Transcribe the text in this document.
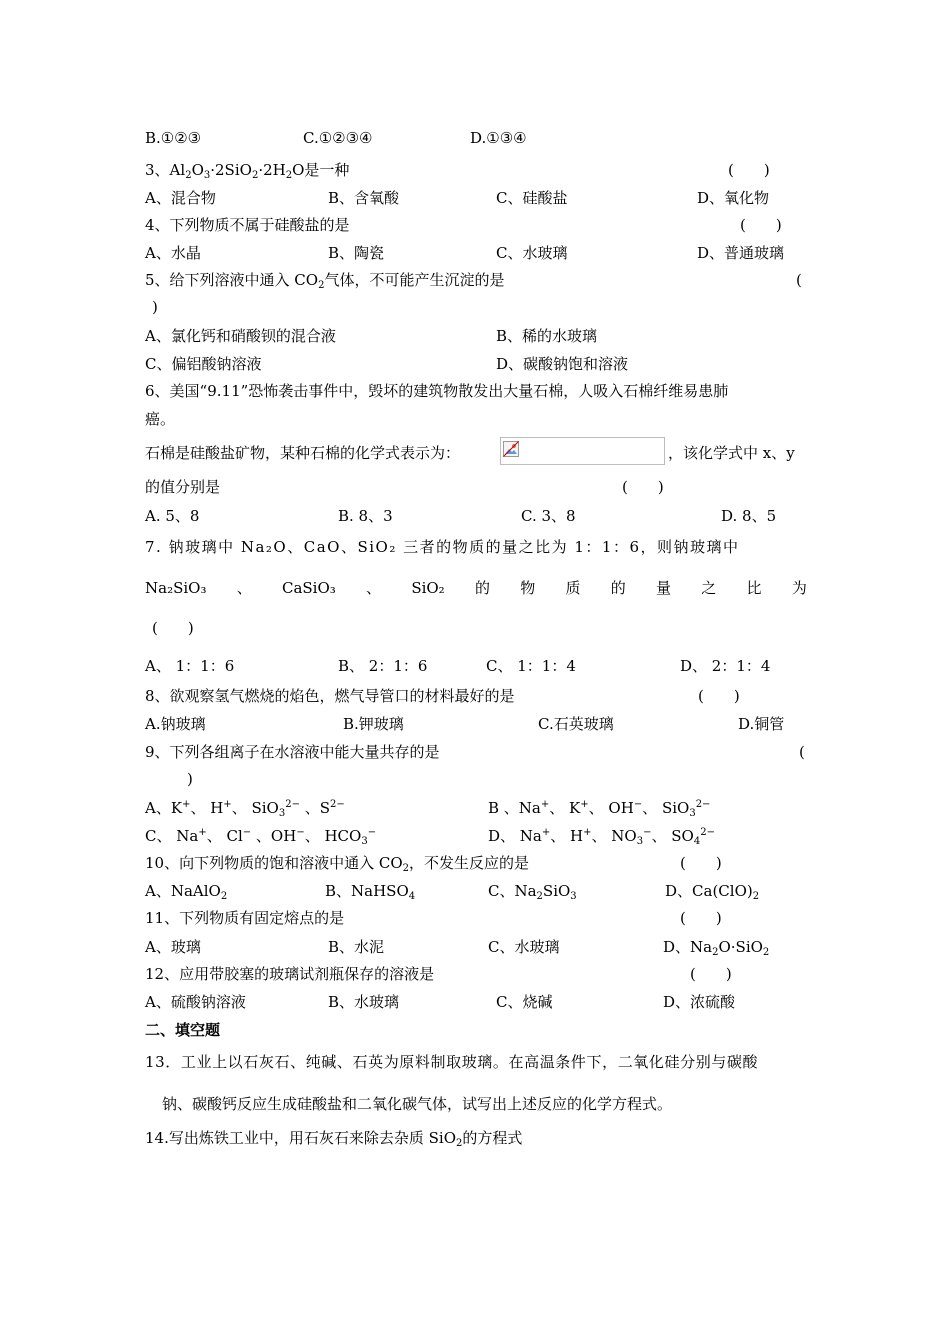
B.①②③	C.①②③④	D.①③④
3、$Al_2O_3\cdot 2SiO_2\cdot 2H_2O$是一种	(　　)
A、混合物	B、含氧酸	C、硅酸盐	D、氧化物
4、下列物质不属于硅酸盐的是	(　　)
A、水晶	B、陶瓷	C、水玻璃	D、普通玻璃
5、给下列溶液中通入 $CO_2$气体，不可能产生沉淀的是	(
)
A、氯化钙和硝酸钡的混合液	B、稀的水玻璃
C、偏铝酸钠溶液	D、碳酸钠饱和溶液
6、美国“9.11”恐怖袭击事件中，毁坏的建筑物散发出大量石棉，人吸入石棉纤维易患肺
癌。
石棉是硅酸盐矿物，某种石棉的化学式表示为：	，该化学式中 x、y
的值分别是	(　　)
A. 5、8	B. 8、3	C. 3、8	D. 8、5
7. 钠玻璃中 Na₂O、CaO、SiO₂ 三者的物质的量之比为 1：1：6，则钠玻璃中
Na₂SiO₃ 、 CaSiO₃ 、 SiO₂ 的 物 质 的 量 之 比 为
(　　)
A、 1：1：6	B、 2：1：6	C、 1：1：4	D、 2：1：4
8、欲观察氢气燃烧的焰色，燃气导管口的材料最好的是	(　　)
A.钠玻璃	B.钾玻璃	C.石英玻璃	D.铜管
9、下列各组离子在水溶液中能大量共存的是	(
)
A、K+、 H+、 SiO$_3^{2-}$ 、$S^{2-}$	B 、Na+、 K+、 OH−、 SiO$_3^{2-}$
C、 Na+、 Cl− 、OH−、 $HCO_3^-$	D、 Na+、 H+、 $NO_3^-$、 $SO_4^{2-}$
10、向下列物质的饱和溶液中通入 $CO_2$，不发生反应的是	(　　)
A、NaAlO$_2$	B、NaHSO$_4$	C、$Na_2SiO_3$	D、$Ca(ClO)_2$
11、下列物质有固定熔点的是	(　　)
A、玻璃	B、水泥	C、水玻璃	D、$Na_2O\cdot SiO_2$
12、应用带胶塞的玻璃试剂瓶保存的溶液是	(　　)
A、硫酸钠溶液	B、水玻璃	C、烧碱	D、浓硫酸
二、填空题
13．工业上以石灰石、纯碱、石英为原料制取玻璃。在高温条件下，二氧化硅分别与碳酸
钠、碳酸钙反应生成硅酸盐和二氧化碳气体，试写出上述反应的化学方程式。
14.写出炼铁工业中，用石灰石来除去杂质 SiO$_2$的方程式
